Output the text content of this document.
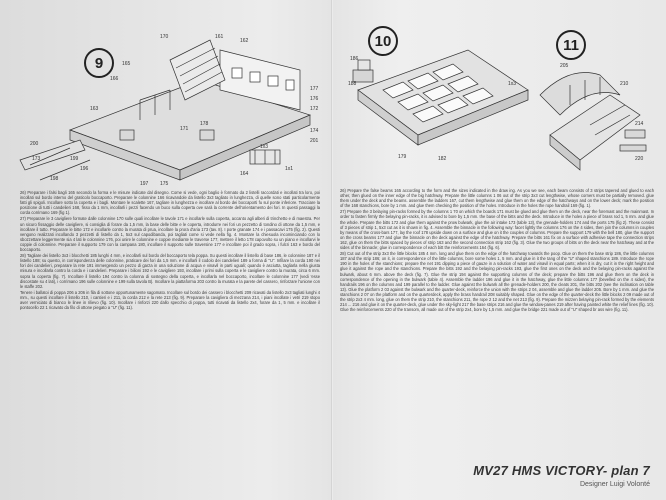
9
10	11
200
173
198
163
165
166
170	161
162
177
176
172
174
201
199
196
197 175
171
178
1x3
1x1
164
186
188	1x3
179	182
205
210
214
220

26) Preparare i falsi bagli 165 secondo la forma e le misure indicate dal disegno. Come si vede, ogni baglio è formato da 2 listelli raccordati e incollati tra loro, poi incollati sul bordo interno del graticolo boccaporto. Preparare le colonnine 166 ricavandole da listello 3x3 tagliato in lunghezza, di quelle sono stati particolarmente fatti gli spigoli. Incollare sotto la coperta e i bagli. Montare le scalette 167, tagliare in lunghezza e incollare al bordo dei boccaporti fu sul ponte inferiore. Tracciare la posizione di tutti i candelieri 168, fisso da 1 mm, incollarli i pezzi facendo un buco sulla coperta ove sarà la corrente dell'orientamento dei fori. In questi passaggi la corda corrimano 169 (fig 1).

27) Preparare le 3 cavigliere formate dalle colonnine 170 sulle quali incollare le tavole 171 e incollarle sulla coperta, accanto agli alberi di trinchetto e di maestra. Per un sicuro fissaggio delle cavigliere, si consiglia di forare da 1,5 mm, la base delle bitte e le coperta, introdurre nei fori un pezzetto di tondino di ottone da 1,5 mm, e incollare il tutto. Preparare le bitte 172 e incollarle contro la murata di prua, incollare la prora d'aria 173 (tav. 8). I porte granate 174 e i passacavi 175 (fig. 2). Questi vengono realizzati incollando 3 pezzetti di listello da 1, 5x3 sul capodibanda, poi tagliati come si vede nella fig. 4. Montare la chiesuola incominciando con lo sbozzettare leggermente sia 4 lati le colonnine 176, poi unire le colonnine e coppie mediante le traverse 177, mettere il letto 178 capovolto su un piano e incollarvi le coppie di colonnine. Preparare il supporto 179 con la campana 180, incollare il supporto sulle traversine 177 e incollare poi il grado sopra, i fulcri 163 e bordo del boccaporto.

28) Tagliare dei listello 3x3 i blocchetti 185 lunghi 4 mm, e incollarli sul bordo del boccaporto tela poppa. Su questi incollare il listello di base 186, le colonnine 187 e il listello 188; su questo, in corrispondenza delle colonnine, praticare dei fori da 1,5 mm. e incollarli il codolo dei candelieri 189 a forma di "U". Infilare la corda 190 nei fori dei candelieri, preparare la rete 191 immergendo un pezzo di garza in una soluzione di acqua e vinavil in parti uguali; quando è asciutta, tagliarla nella giusta misura e incollarla contro la corda e i candelieri. Preparare i bilioni 192 e le cavigliere 193, incollare i primi sulla coperta e le cavigliere contro la murata, circa 6 mm. sopra la coperta (fig. 7). Incollare il listello 194 contro la colonna di sostegno della coperta, e incollarla nel boccaporto, incollare le colonnine 177 (vedi 'esse discostate su 4 lati), i corrimano 196 sulle colonnine e 199 sulla tavola B). Incollare la piattaforma 203 contro la murata e la parete del cassero, rinforzare l'unione con le staffe 202.

Tenere i ballatoi di poppa 206 a 206 in fila di sottone opportunamente sagomato. Incollare sul bordo dei cassero i blocchetti 209 ricavati da listello 2x3 tagliati lunghi 4 mm., su questi incollare il listello 210, i cantieri e i 211, la corda 212 e la rete 213 (fig. 9). Preparare la cavigliera di mezzana 214, i piani incollate i vetri 219 stopo aver verniciato di bianco le linee in rilievo (fig. 10). Incollare i rinforzi 220 dallo specchio di poppa, tutti ricavati da listello 2x4, forare da 1, 5 mm. e incollare il pontocello 22 1 ricavato da filo di ottone piegato a "U" (fig. 11).

26) Prepare the false beams 165 according to the form and the sizes indicated in the draw ing. As you we see, each beam consists of 3 strips tapered and glued to each other, then glued on the inner edge of the big hatchway. Prepare the little columns 1 06 out of the strip 3x3 cut lengthwise, whose corners must be partially removed. glue them under the deck and the beams. assemble the ladders 167, cut them lengthwise and glue them on the edge of the hatchways and on the lower deck; mark the position of the 168 stanchions, bore by 1 mm. and glue them checking the position of the holes. Introduce in the holes the rope handrail 169 (fig. 1).

27) Prepare the 3 belaying pin-racks formed by the columns 1 70 on which the boards 171 must be glued and glue them on the deck, near the foremast and the mainmast. In order to fasten firmly the belaying pin-racks, it is advised to bore by 1,5 mm. the base of the bitts and the deck. Introduce in the holes a piece of brass rod 1, 5 mm. and glue the whole. Prepare the bitts 172 and glue them against the prow bulwark, glue the air intake 173 (table 13), the grenade-holders 174 and the ports 175 (fig 2). These consist of 3 pieces of strip 1, 5x3 cut as it is shown in fig. 4. Assemble the binnacle in the following way: facet lightly the columns 176 on the 4 sides, then join the columns in couples by means of the cross-bars 177, lay the roof 178 upside down on a surface and glue on it the couples of columns. Prepare the support 179 with the bell 180, glue the support on the cross beams 177 and glue the binnacle on the deck against the edge of the hatchway. Prepare the bitts 161 fix on a surface with adhesive tape the connection strips 162, glue on them the bitts spaced by pieces of strip 163 and the second connection strip 162 (fig. 3). Glue the two groups of bitts on the deck near the hatchway and at the sides of the binnacle; glue in correspondence of each bitt the reinforcements 164 (fig. 6).

28) Cut out of the strip 3x3 the little blocks 185 4 mm. long and glue them on the edge of the hatchway towards the poop. Glue on them the base strip 186, the little columns 187 and the strip 186; on it, in correspondence of the little columns, bore some holes 1, 5 mm. and glue in it the tang of the "U" shaped stanchions 189. Introduce the rope 190 in the holes of the stanchions; prepare the net 191 dipping a piece of gauze in a solution of water and vinavil in equal parts; when it is dry, cut it in the right height and glue it against the rope and the stanchions. Prepare the bitts 192 and the belaying pin-racks 193, glue the first ones on the deck and the belaying pin-racks against the bulwark, about 6 mm. above the deck (fig. 7). Glue the strip 194 against the supporting columns of the deck; prepare the bitts 196 and glue them on the deck in correspondence of the opening in the bulwark (table 4). Assemble the ladder 196 and glue it in the hatchway, glue the little columns 177 (bevelled on the 4 sides), the handrails 196 on the columns and 199 parallel to the ladder. Glue against the bulwark all the grenade-holders 200, the cleats 201, the bitts 202 (see the inclination on table 13). Glue the platform 2 03 against the bulwark and the quarter-deck, reinforce the union with the strips 2 04, assemble and glue the ladder 205. Bore by 1 mm. and glue the stanchions 2 07 on the platform and on the quarterdeck, apply the brass handrail 208 suitably shaped. Glue on the edge of the quarter-deck the little blocks 2 09 made out of the strip 2x3 4 mm. long, glue on them the strip 210, the stanchions 211, the rope 2 12 and the net 213 (fig. 9). Prepare the mizzen belaying pin-rack formed by the elements 214 ... 216 and glue it on the quarter-deck, glue under the sky-light 217 the base strips 216 and glue the window-panes 219 after having painted white the relief lines (fig. 10). Glue the reinforcements 220 of the transom, all made out of the strip 2x4, bore by 1,5 mm. and glue the bridge 221 made out of "U" shaped br ass wire (fig. 11).

MV27 HMS VICTORY- plan 7
Designer Luigi Volonté
